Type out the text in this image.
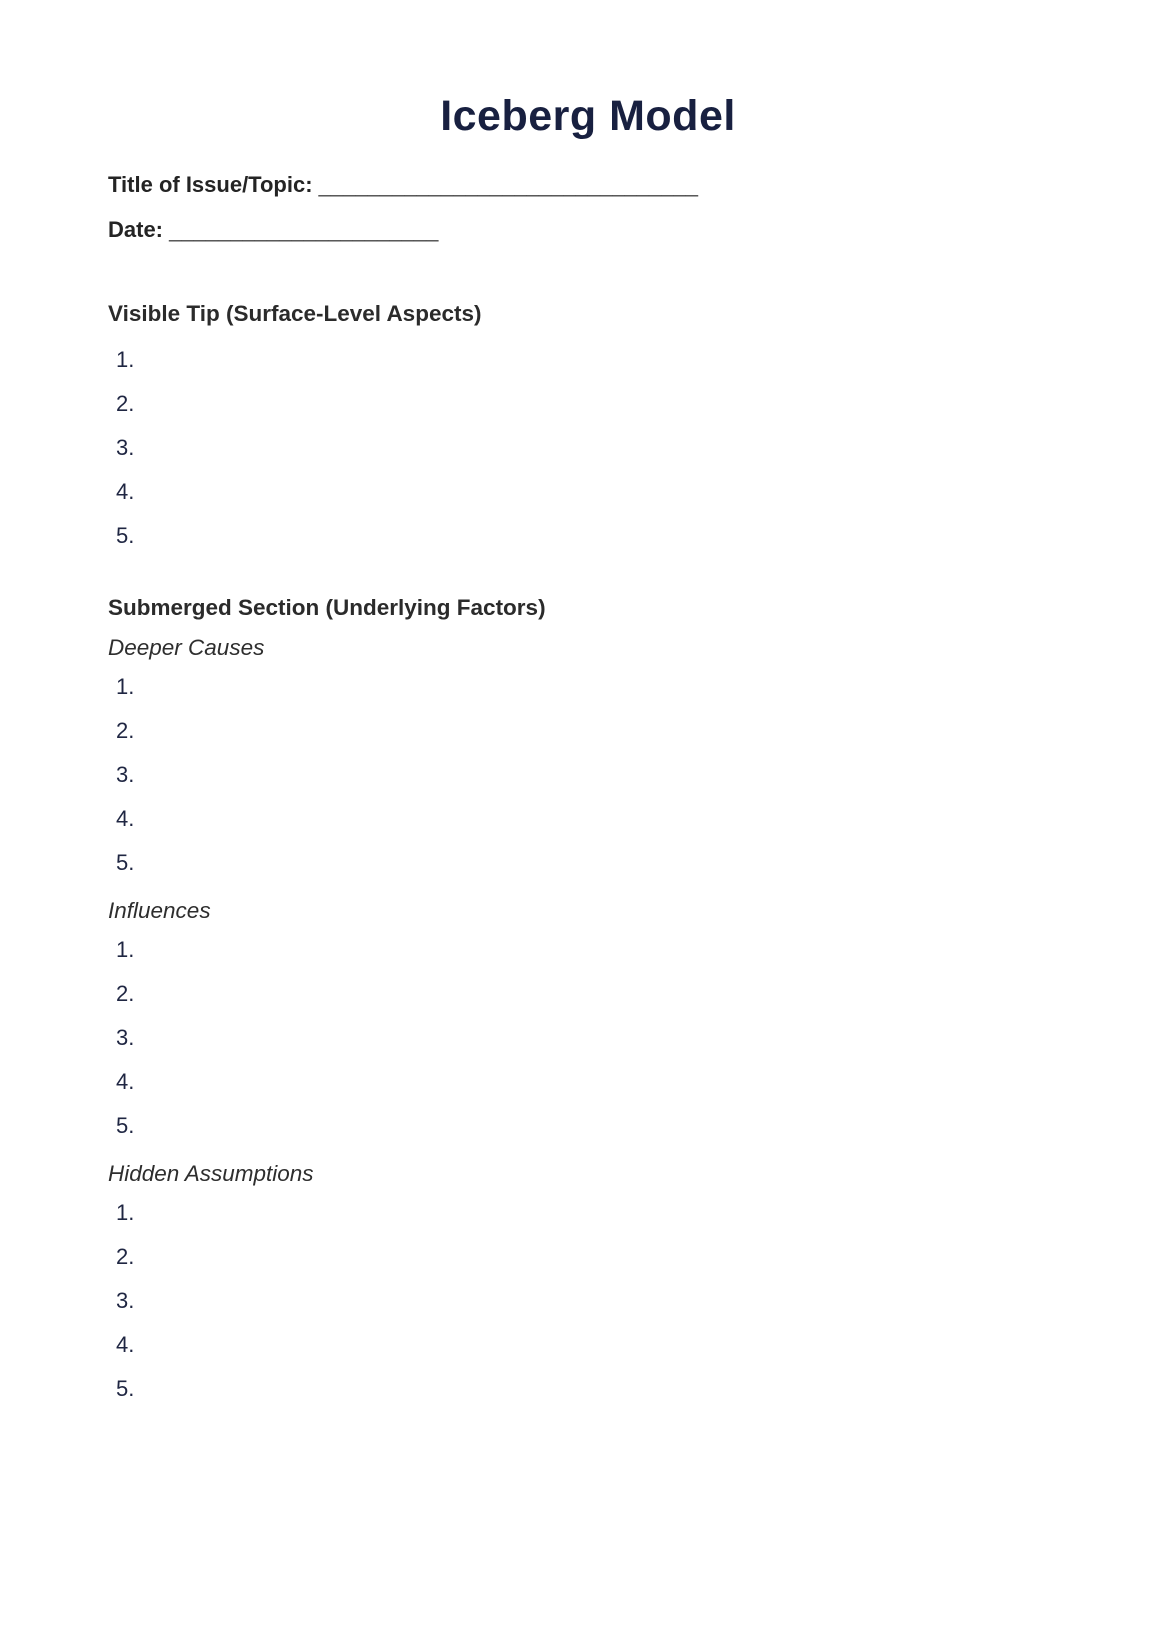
Iceberg Model
Title of Issue/Topic: _______________________________
Date: ______________________
Visible Tip (Surface-Level Aspects)
1.
2.
3.
4.
5.
Submerged Section (Underlying Factors)
Deeper Causes
1.
2.
3.
4.
5.
Influences
1.
2.
3.
4.
5.
Hidden Assumptions
1.
2.
3.
4.
5.
